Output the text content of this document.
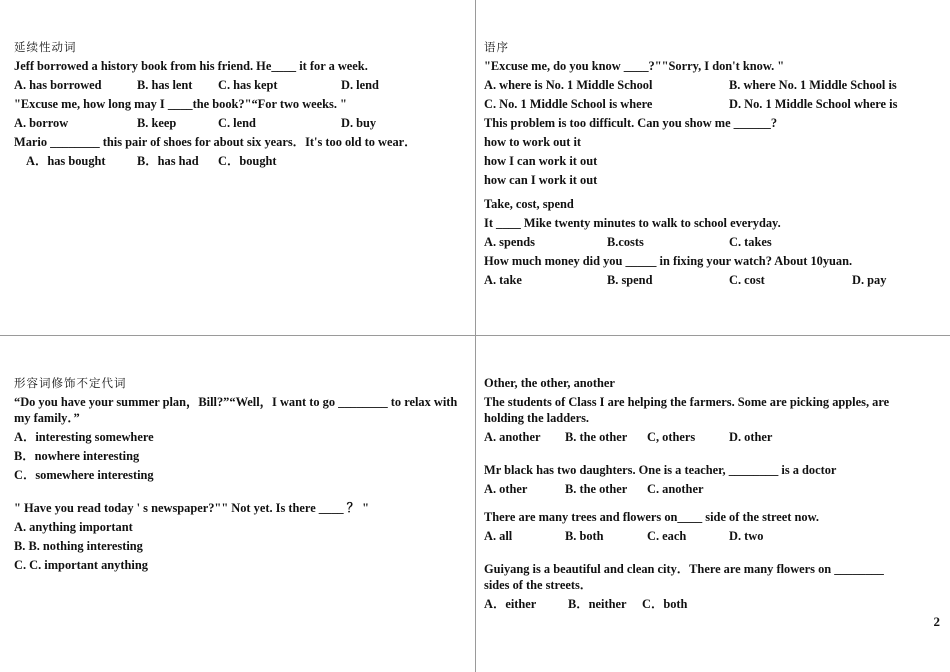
延续性动词
Jeff borrowed a history book from his friend. He____ it for a week.
A. has borrowed	B. has lent C. has kept	D. lend
"Excuse me, how long may I ____the book?"“For two weeks. "
A. borrow	B. keep	C. lend	D. buy
Mario ________ this pair of shoes for about six years．It's too old to wear．
A．has bought	B．has had C．bought
语序
"Excuse me, do you know ____?""Sorry, I don't know. "
A. where is No. 1 Middle School	B. where No. 1 Middle School is
C. No. 1 Middle School is where	D. No. 1 Middle School where is
This problem is too difficult. Can you show me ______?
how to work out it
how I can work it out
how can I work it out
Take, cost, spend
It ____ Mike twenty minutes to walk to school everyday.
A. spends	B.costs	C. takes
How much money did you _____ in fixing your watch? About 10yuan.
A. take	B. spend	C. cost	D. pay
形容词修饰不定代词
“Do you have your summer plan，Bill?”“Well，I want to go ________ to relax with my family．”
A．interesting somewhere
B．nowhere interesting
C．somewhere interesting
" Have you read today ' s newspaper?"" Not yet. Is there ____ ？ "
A. anything important
B. B. nothing interesting
C. C. important anything
Other, the other, another
The students of Class I are helping the farmers. Some are picking apples, are holding the ladders.
A. another B. the other C, others	D. other
Mr black has two daughters. One is a teacher, ________ is a doctor
A. other	B. the other C. another
There are many trees and flowers on____ side of the street now.
A. all	B. both	C. each	D. two
Guiyang is a beautiful and clean city．There are many flowers on ________ sides of the streets．
A．either	B．neither C．both
2
